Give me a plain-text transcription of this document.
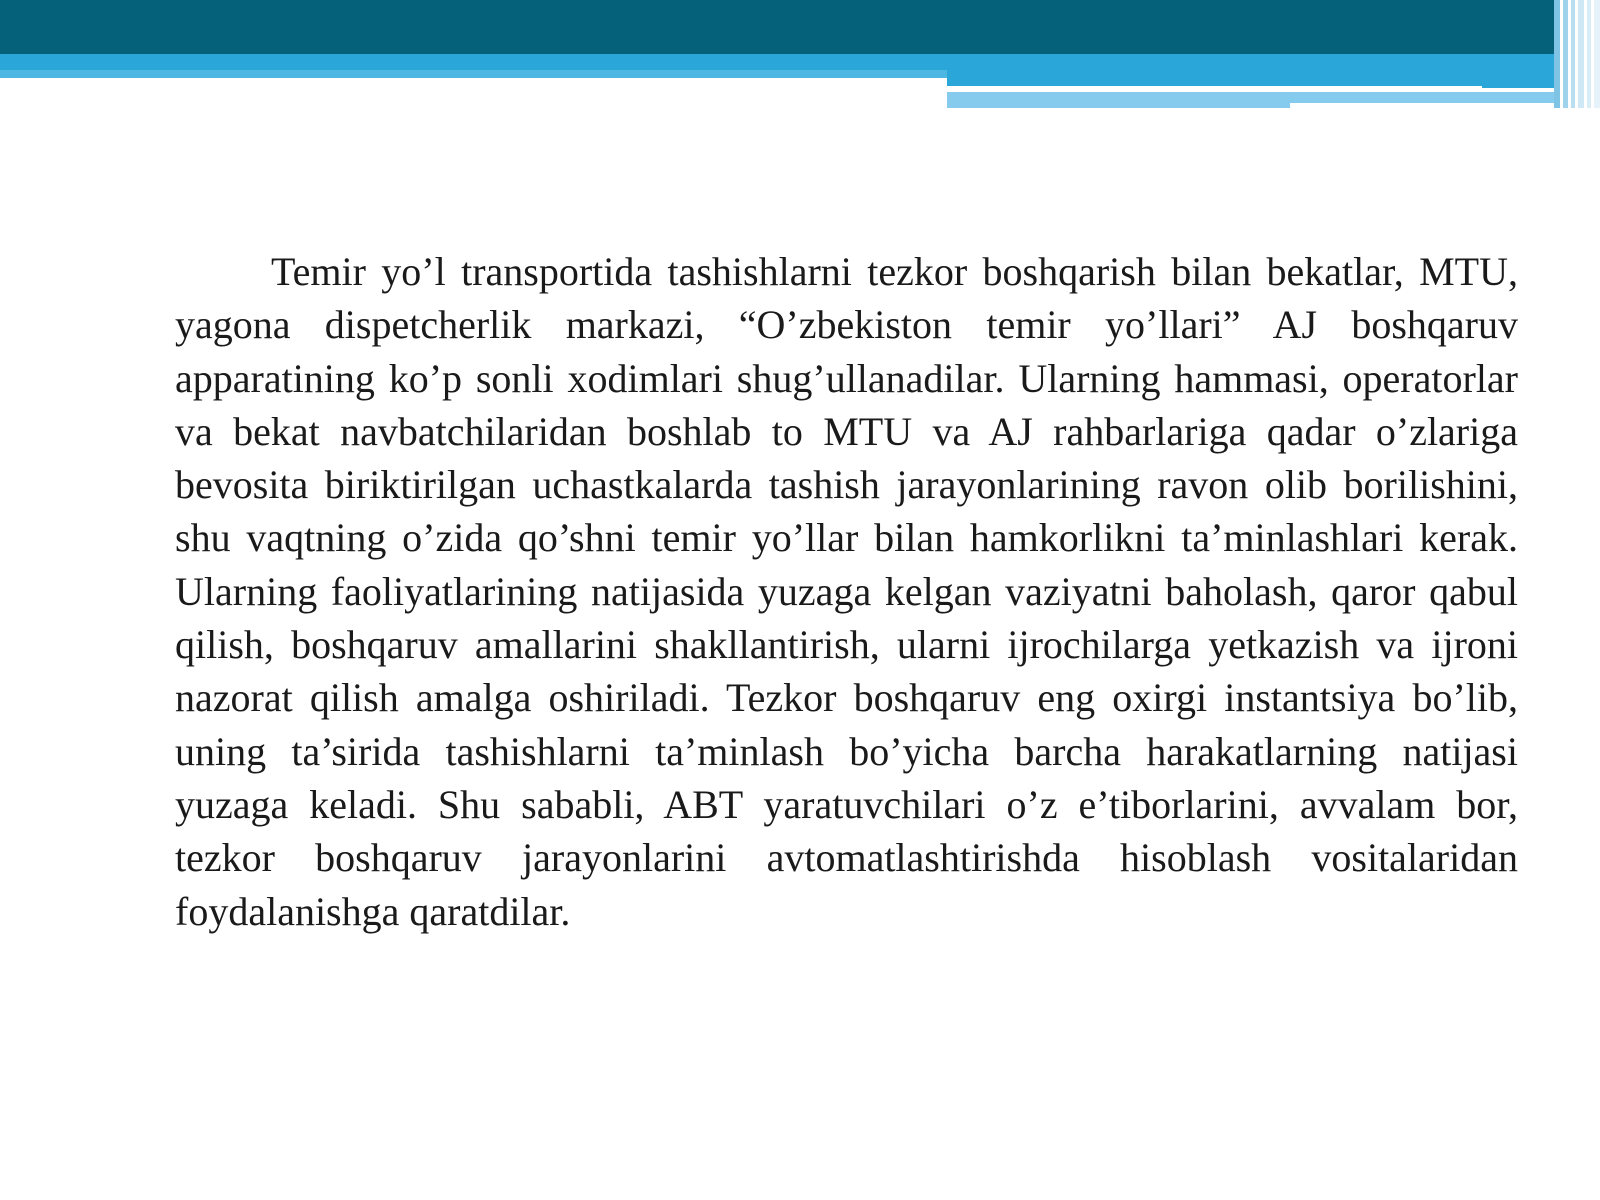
Temir yo’l transportida tashishlarni tezkor boshqarish bilan bekatlar, MTU, yagona dispetcherlik markazi, “O’zbekiston temir yo’llari” AJ boshqaruv apparatining ko’p sonli xodimlari shug’ullanadilar. Ularning hammasi, operatorlar va bekat navbatchilaridan boshlab to MTU va AJ rahbarlariga qadar o’zlariga bevosita biriktirilgan uchastkalarda tashish jarayonlarining ravon olib borilishini, shu vaqtning o’zida qo’shni temir yo’llar bilan hamkorlikni ta’minlashlari kerak. Ularning faoliyatlarining natijasida yuzaga kelgan vaziyatni baholash, qaror qabul qilish, boshqaruv amallarini shakllantirish, ularni ijrochilarga yetkazish va ijroni nazorat qilish amalga oshiriladi. Tezkor boshqaruv eng oxirgi instantsiya bo’lib, uning ta’sirida tashishlarni ta’minlash bo’yicha barcha harakatlarning natijasi yuzaga keladi. Shu sababli, ABT yaratuvchilari o’z e’tiborlarini, avvalam bor, tezkor boshqaruv jarayonlarini avtomatlashtirishda hisoblash vositalaridan foydalanishga qaratdilar.
